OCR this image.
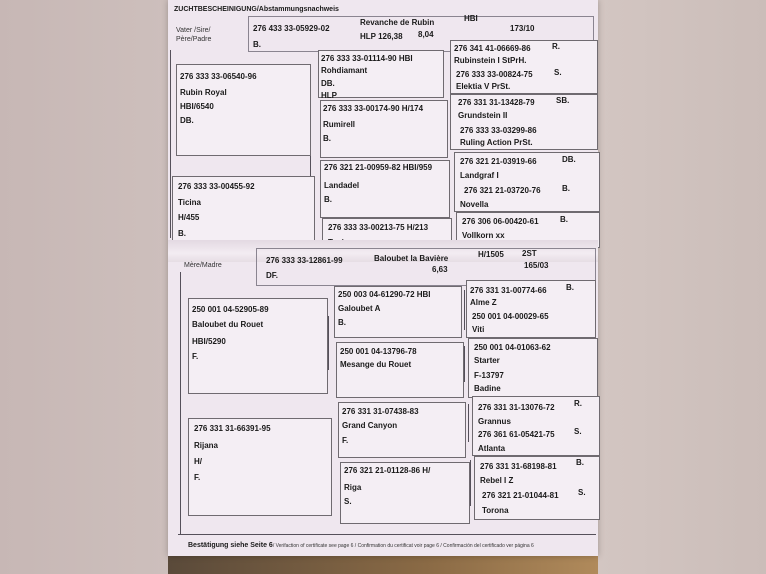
ZUCHTBESCHEINIGUNG/Abstammungsnachweis
Vater /Sire/
Père/Padre
276 433 33-05929-02
Revanche de Rubin	HBI
B.
HLP 126,38 8,04
173/10
276 333 33-06540-96
Rubin Royal
HBI/6540
DB.
276 333 33-00455-92
Ticina
H/455
B.
276 333 33-01114-90 HBI
Rohdiamant
DB.
HLP
276 333 33-00174-90 H/174
Rumirell
B.
276 321 21-00959-82 HBI/959
Landadel
B.
276 333 33-00213-75 H/213
276 341 41-06669-86	R.
Rubinstein I StPrH.
276 333 33-00824-75	S.
Elektia V PrSt.
276 331 31-13428-79	SB.
Grundstein II
276 333 33-03299-86
Ruling Action PrSt.
276 321 21-03919-66	DB.
Landgraf I
276 321 21-03720-76	B.
Novella
276 306 06-00420-61	B.
Vollkorn xx
Mère/Madre
276 333 33-12861-99	Baloubet la Bavière	H/1505 2ST
DF.
6,63	165/03
250 001 04-52905-89
Baloubet du Rouet
HBI/5290
F.
276 331 31-66391-95
Rijana
H/
F.
250 003 04-61290-72 HBI
Galoubet A
B.
250 001 04-13796-78
Mesange du Rouet
276 331 31-07438-83
Grand Canyon
F.
276 321 21-01128-86 H/
Riga
S.
276 331 31-00774-66 B.
Alme Z
250 001 04-00029-65
Viti
250 001 04-01063-62
Starter
F-13797
Badine
276 331 31-13076-72 R.
Grannus
276 361 61-05421-75 S.
Atlanta
276 331 31-68198-81 B.
Rebel I Z
276 321 21-01044-81 S.
Torona
Bestätigung siehe Seite 6/ Verifaction of certificate see page 6 / Confirmation du certificat voir page 6 / Confirmación del certificado ver página 6
